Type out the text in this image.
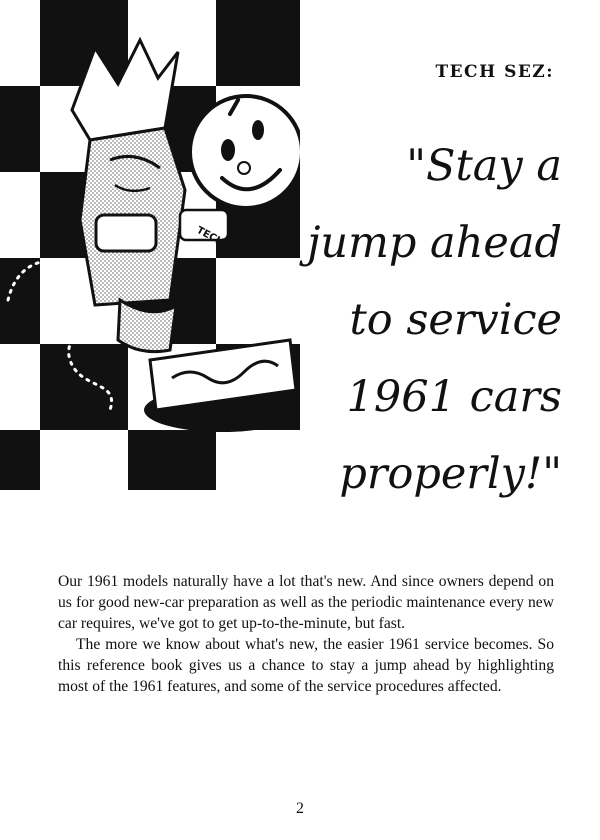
TECH
TECH SEZ:
"Stay a
jump ahead
to service
1961 cars
properly!"

Our 1961 models naturally have a lot that's new. And since owners depend on us for good new-car preparation as well as the periodic maintenance every new car requires, we've got to get up-to-the-minute, but fast.

The more we know about what's new, the easier 1961 service becomes. So this reference book gives us a chance to stay a jump ahead by highlighting most of the 1961 features, and some of the service procedures affected.

2
